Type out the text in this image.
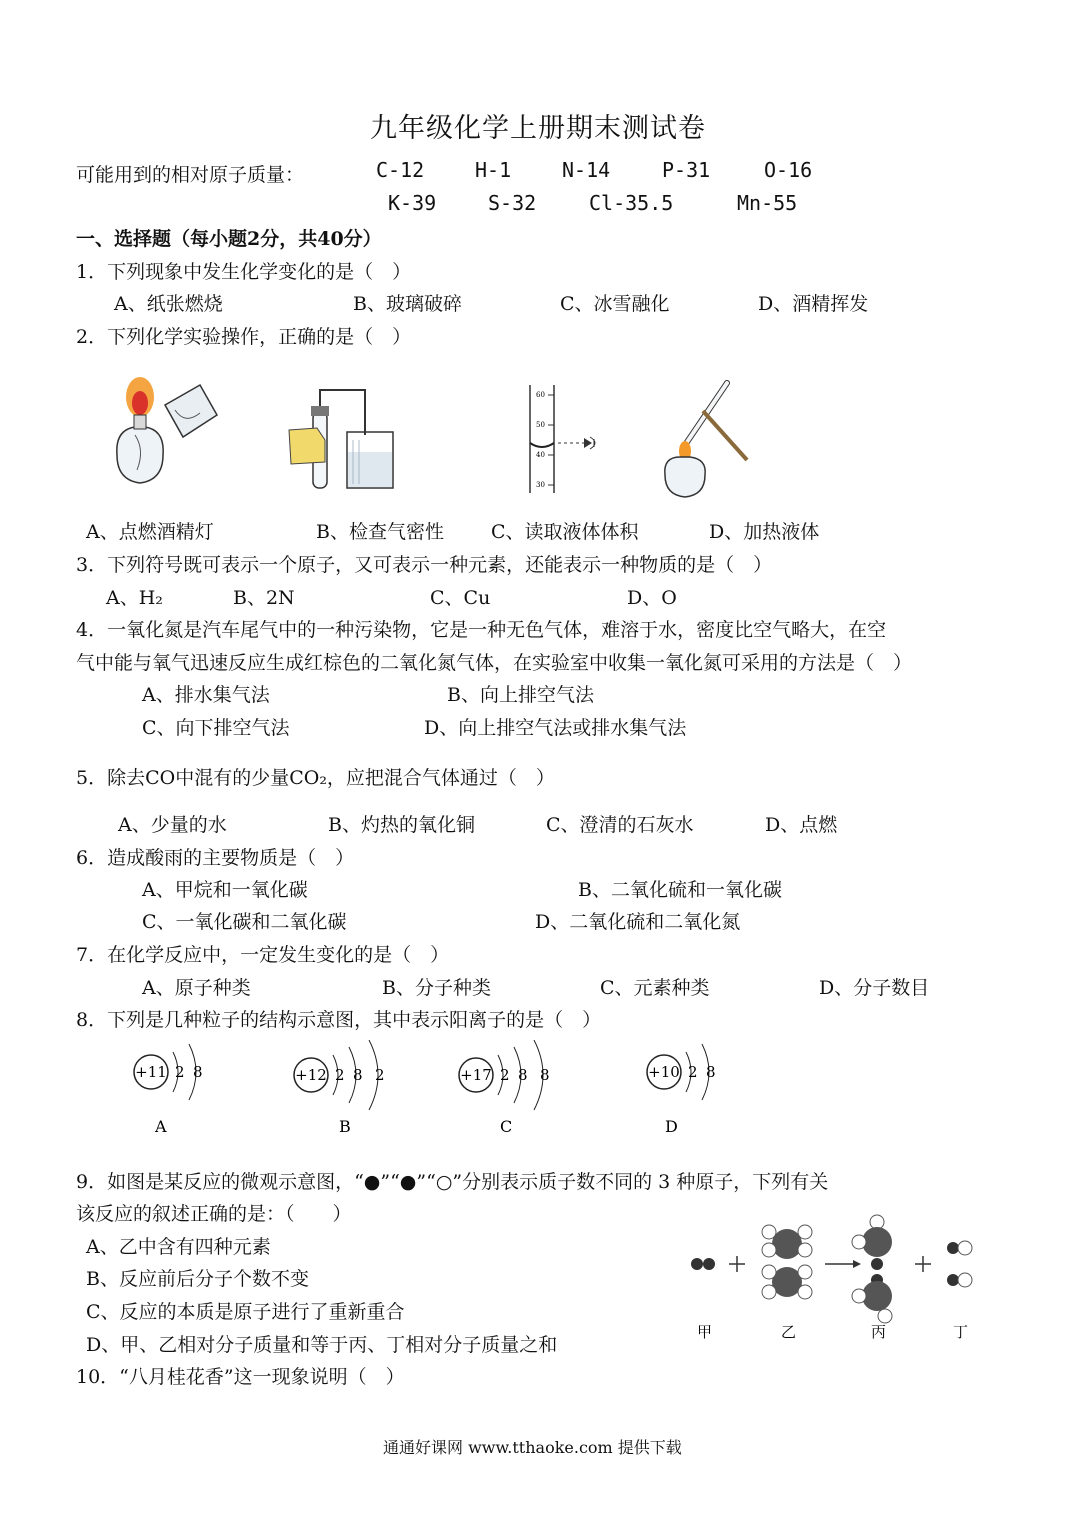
九年级化学上册期末测试卷
可能用到的相对原子质量：	C-12	H-1	N-14	P-31	O-16
K-39	S-32	Cl-35.5	Mn-55
一、选择题（每小题2分，共40分）
1．下列现象中发生化学变化的是（　）
A、纸张燃烧	B、玻璃破碎	C、冰雪融化	D、酒精挥发
2．下列化学实验操作，正确的是（　）
60
50
40
30
A、点燃酒精灯	B、检查气密性 C、读取液体体积	D、加热液体
3．下列符号既可表示一个原子，又可表示一种元素，还能表示一种物质的是（　）
A、H₂	B、2N	C、Cu	D、O
4．一氧化氮是汽车尾气中的一种污染物，它是一种无色气体，难溶于水，密度比空气略大，在空
气中能与氧气迅速反应生成红棕色的二氧化氮气体，在实验室中收集一氧化氮可采用的方法是（　）
A、排水集气法	B、向上排空气法
C、向下排空气法	D、向上排空气法或排水集气法
5．除去CO中混有的少量CO₂，应把混合气体通过（　）
A、少量的水	B、灼热的氧化铜	C、澄清的石灰水	D、点燃
6．造成酸雨的主要物质是（　）
A、甲烷和一氧化碳	B、二氧化硫和一氧化碳
C、一氧化碳和二氧化碳	D、二氧化硫和二氧化氮
7．在化学反应中，一定发生变化的是（　）
A、原子种类	B、分子种类	C、元素种类	D、分子数目
8．下列是几种粒子的结构示意图，其中表示阳离子的是（　）
+11 2 8
A
+12 2 8 2
B
+17 2 8 8
C
+10 2 8
D
9．如图是某反应的微观示意图，“●”“●”“○”分别表示质子数不同的 3 种原子，下列有关
该反应的叙述正确的是：（　　）
A、乙中含有四种元素
B、反应前后分子个数不变
C、反应的本质是原子进行了重新重合
D、甲、乙相对分子质量和等于丙、丁相对分子质量之和
甲	乙	丙	丁
10．“八月桂花香”这一现象说明（　）
通通好课网 www.tthaoke.com 提供下载
